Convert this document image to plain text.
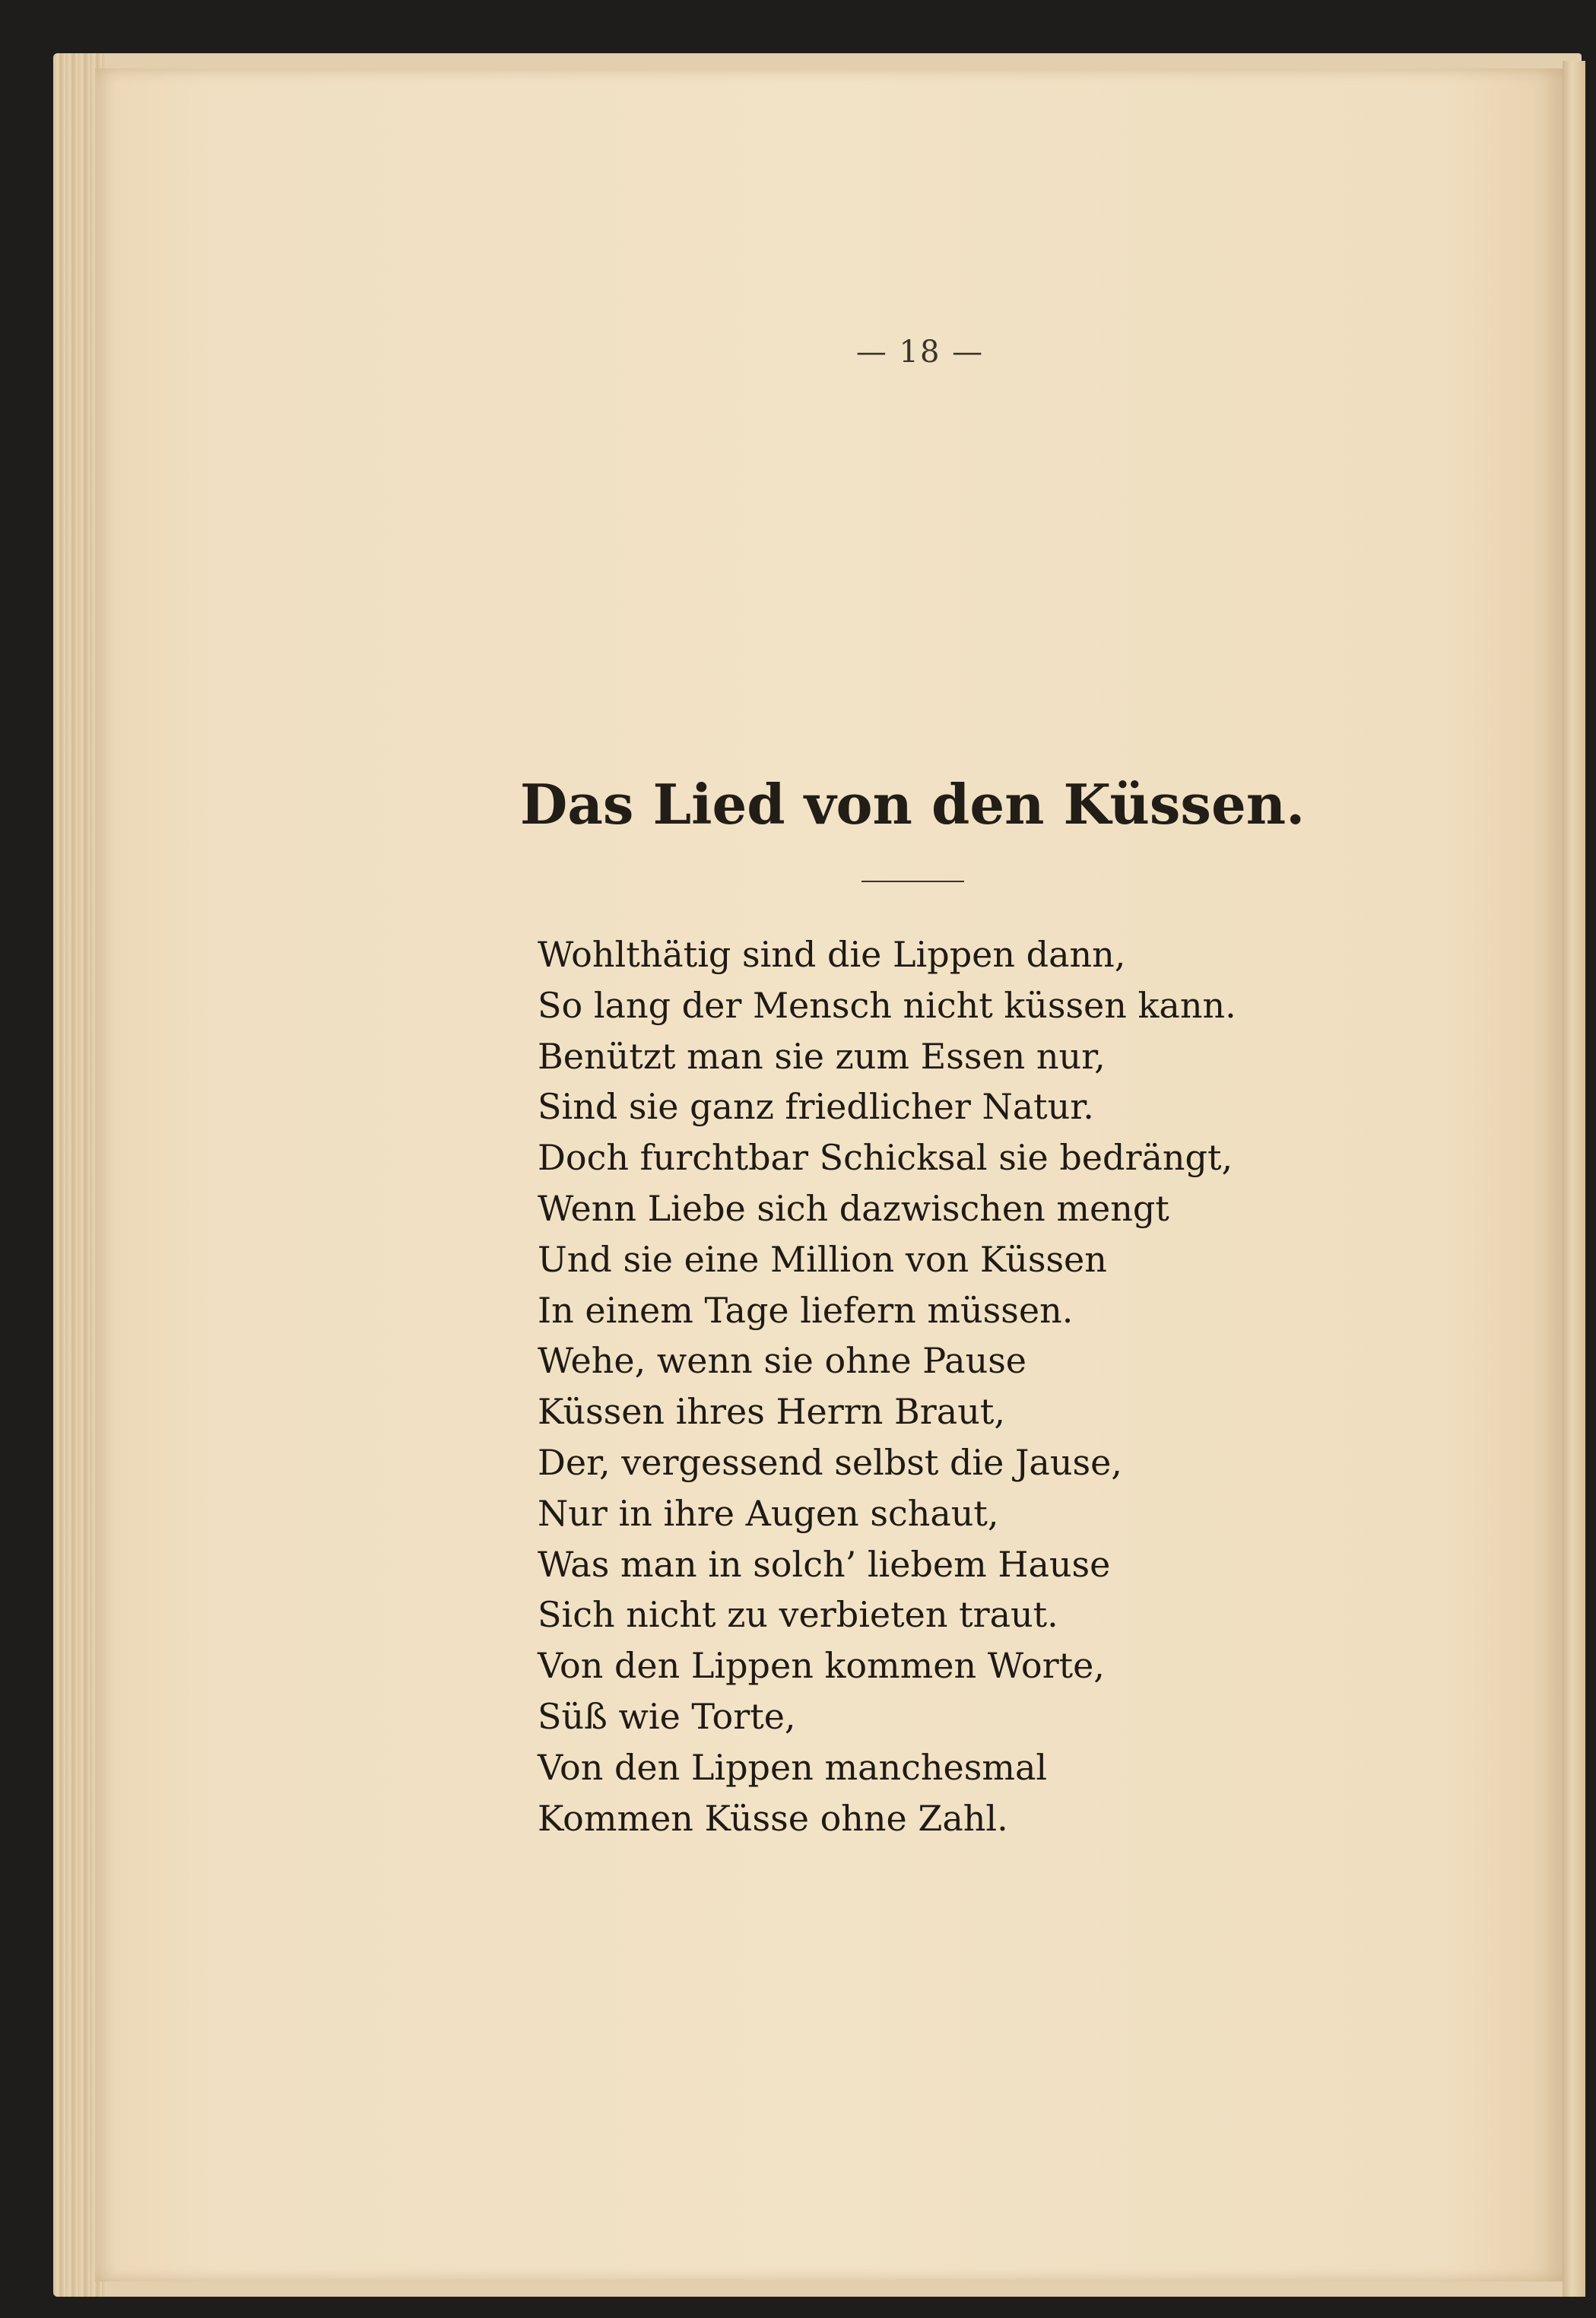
— 18 —
Das Lied von den Küssen.
Wohlthätig sind die Lippen dann,
So lang der Mensch nicht küssen kann.
Benützt man sie zum Essen nur,
Sind sie ganz friedlicher Natur.
Doch furchtbar Schicksal sie bedrängt,
Wenn Liebe sich dazwischen mengt
Und sie eine Million von Küssen
In einem Tage liefern müssen.
Wehe, wenn sie ohne Pause
Küssen ihres Herrn Braut,
Der, vergessend selbst die Jause,
Nur in ihre Augen schaut,
Was man in solch’ liebem Hause
Sich nicht zu verbieten traut.
Von den Lippen kommen Worte,
Süß wie Torte,
Von den Lippen manchesmal
Kommen Küsse ohne Zahl.
